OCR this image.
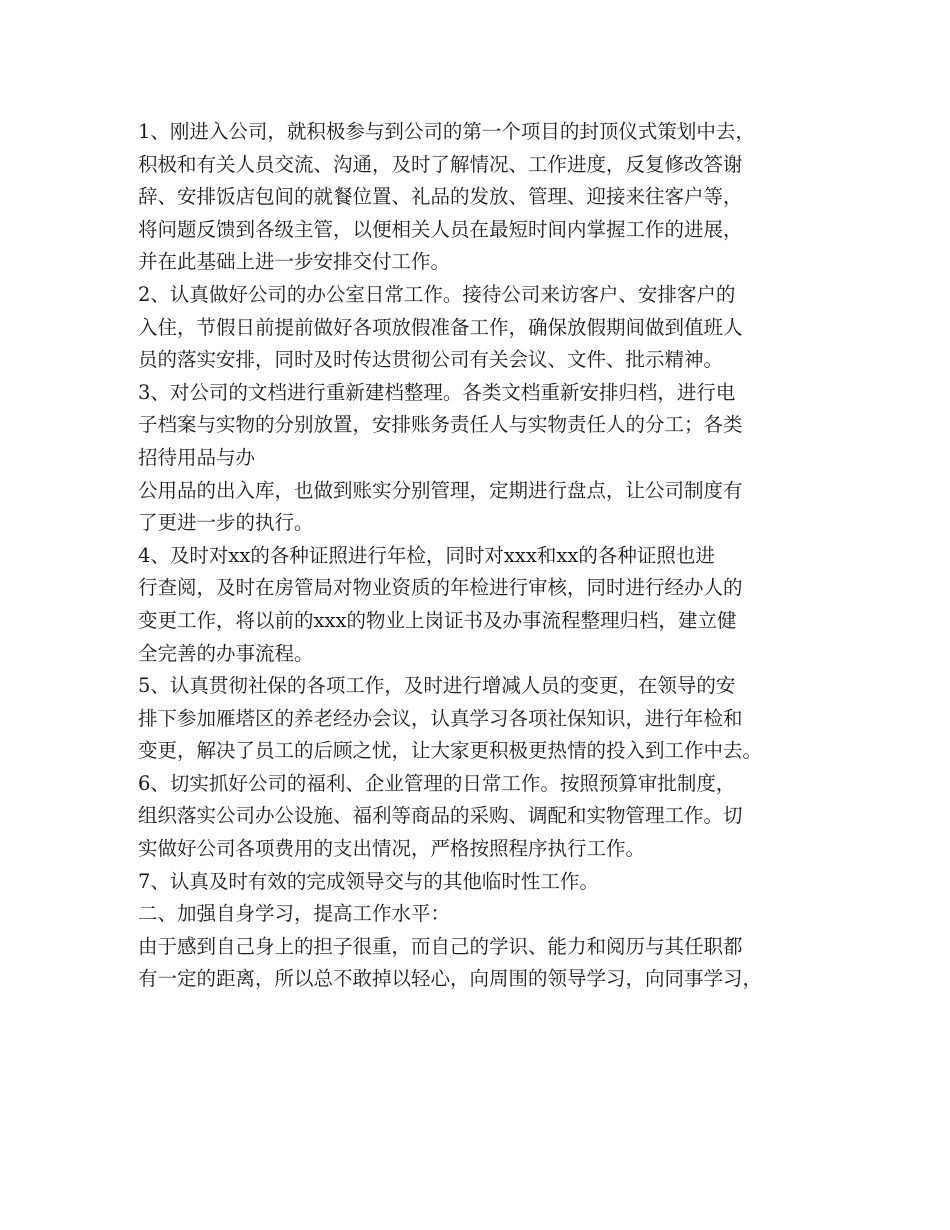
1、刚进入公司，就积极参与到公司的第一个项目的封顶仪式策划中去，
积极和有关人员交流、沟通，及时了解情况、工作进度，反复修改答谢
辞、安排饭店包间的就餐位置、礼品的发放、管理、迎接来往客户等，
将问题反馈到各级主管，以便相关人员在最短时间内掌握工作的进展，
并在此基础上进一步安排交付工作。
2、认真做好公司的办公室日常工作。接待公司来访客户、安排客户的
入住，节假日前提前做好各项放假准备工作，确保放假期间做到值班人
员的落实安排，同时及时传达贯彻公司有关会议、文件、批示精神。
3、对公司的文档进行重新建档整理。各类文档重新安排归档，进行电
子档案与实物的分别放置，安排账务责任人与实物责任人的分工；各类
招待用品与办
公用品的出入库，也做到账实分别管理，定期进行盘点，让公司制度有
了更进一步的执行。
4、及时对xx的各种证照进行年检，同时对xxx和xx的各种证照也进
行查阅，及时在房管局对物业资质的年检进行审核，同时进行经办人的
变更工作，将以前的xxx的物业上岗证书及办事流程整理归档，建立健
全完善的办事流程。
5、认真贯彻社保的各项工作，及时进行增减人员的变更，在领导的安
排下参加雁塔区的养老经办会议，认真学习各项社保知识，进行年检和
变更，解决了员工的后顾之忧，让大家更积极更热情的投入到工作中去。
6、切实抓好公司的福利、企业管理的日常工作。按照预算审批制度，
组织落实公司办公设施、福利等商品的采购、调配和实物管理工作。切
实做好公司各项费用的支出情况，严格按照程序执行工作。
7、认真及时有效的完成领导交与的其他临时性工作。
二、加强自身学习，提高工作水平：
由于感到自己身上的担子很重，而自己的学识、能力和阅历与其任职都
有一定的距离，所以总不敢掉以轻心，向周围的领导学习，向同事学习，
